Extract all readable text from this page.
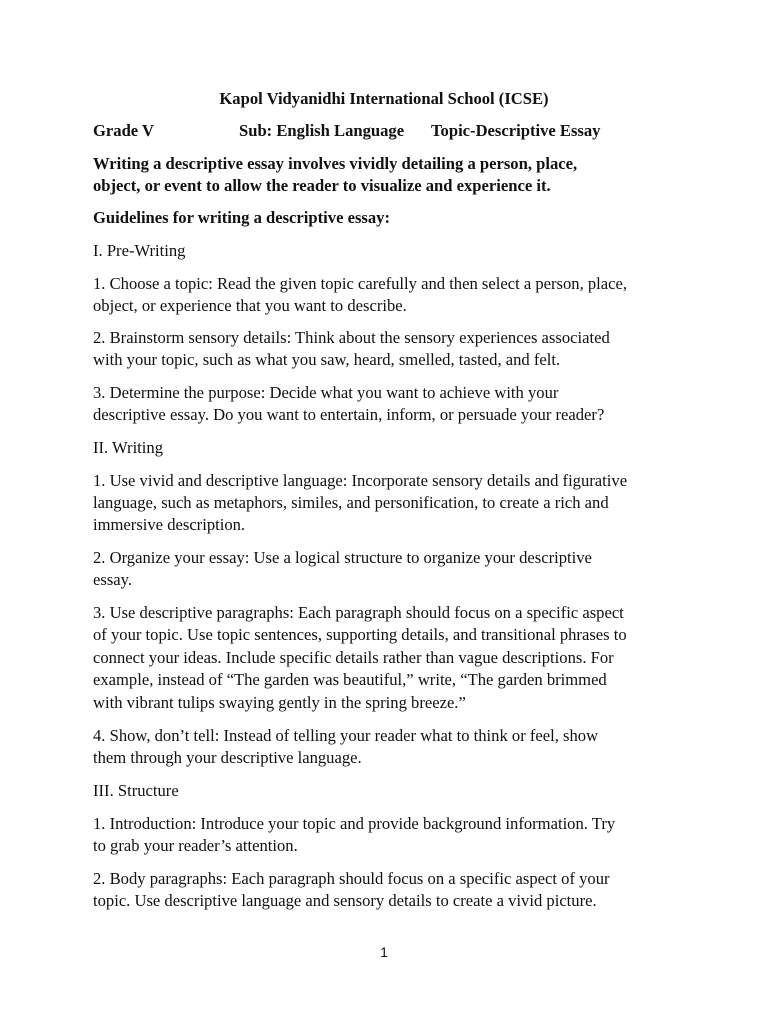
Kapol Vidyanidhi International School (ICSE)

Grade V	Sub: English Language Topic-Descriptive Essay

Writing a descriptive essay involves vividly detailing a person, place,

object, or event to allow the reader to visualize and experience it.

Guidelines for writing a descriptive essay:

I. Pre-Writing

1. Choose a topic: Read the given topic carefully and then select a person, place,

object, or experience that you want to describe.

2. Brainstorm sensory details: Think about the sensory experiences associated

with your topic, such as what you saw, heard, smelled, tasted, and felt.

3. Determine the purpose: Decide what you want to achieve with your

descriptive essay. Do you want to entertain, inform, or persuade your reader?

II. Writing

1. Use vivid and descriptive language: Incorporate sensory details and figurative

language, such as metaphors, similes, and personification, to create a rich and

immersive description.

2. Organize your essay: Use a logical structure to organize your descriptive

essay.

3. Use descriptive paragraphs: Each paragraph should focus on a specific aspect

of your topic. Use topic sentences, supporting details, and transitional phrases to

connect your ideas. Include specific details rather than vague descriptions. For

example, instead of “The garden was beautiful,” write, “The garden brimmed

with vibrant tulips swaying gently in the spring breeze.”

4. Show, don’t tell: Instead of telling your reader what to think or feel, show

them through your descriptive language.

III. Structure

1. Introduction: Introduce your topic and provide background information. Try

to grab your reader’s attention.

2. Body paragraphs: Each paragraph should focus on a specific aspect of your

topic. Use descriptive language and sensory details to create a vivid picture.

1
